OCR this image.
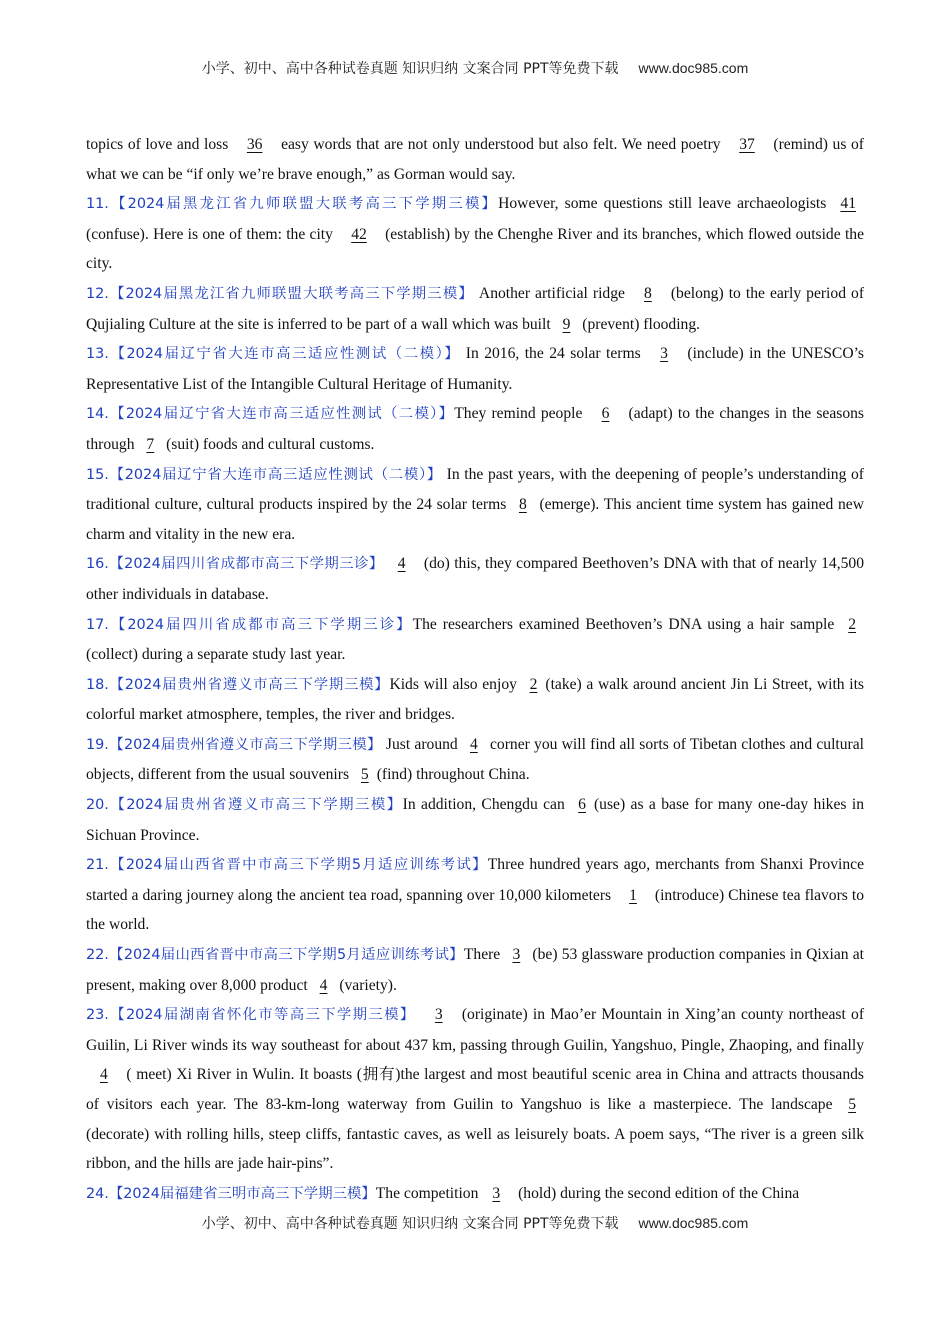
小学、初中、高中各种试卷真题 知识归纳 文案合同 PPT等免费下载 www.doc985.com

topics of love and loss 36 easy words that are not only understood but also felt. We need poetry 37 (remind) us of what we can be “if only we’re brave enough,” as Gorman would say.

11.【2024届黑龙江省九师联盟大联考高三下学期三模】However, some questions still leave archaeologists 41 (confuse). Here is one of them: the city 42 (establish) by the Chenghe River and its branches, which flowed outside the city.

12.【2024届黑龙江省九师联盟大联考高三下学期三模】 Another artificial ridge 8 (belong) to the early period of Qujialing Culture at the site is inferred to be part of a wall which was built 9 (prevent) flooding.

13.【2024届辽宁省大连市高三适应性测试（二模）】 In 2016, the 24 solar terms 3 (include) in the UNESCO’s Representative List of the Intangible Cultural Heritage of Humanity.

14.【2024届辽宁省大连市高三适应性测试（二模）】They remind people 6 (adapt) to the changes in the seasons through 7 (suit) foods and cultural customs.

15.【2024届辽宁省大连市高三适应性测试（二模）】 In the past years, with the deepening of people’s understanding of traditional culture, cultural products inspired by the 24 solar terms 8 (emerge). This ancient time system has gained new charm and vitality in the new era.

16.【2024届四川省成都市高三下学期三诊】 4 (do) this, they compared Beethoven’s DNA with that of nearly 14,500 other individuals in database.

17.【2024届四川省成都市高三下学期三诊】The researchers examined Beethoven’s DNA using a hair sample 2 (collect) during a separate study last year.

18.【2024届贵州省遵义市高三下学期三模】Kids will also enjoy 2 (take) a walk around ancient Jin Li Street, with its colorful market atmosphere, temples, the river and bridges.

19.【2024届贵州省遵义市高三下学期三模】 Just around 4 corner you will find all sorts of Tibetan clothes and cultural objects, different from the usual souvenirs 5 (find) throughout China.

20.【2024届贵州省遵义市高三下学期三模】In addition, Chengdu can 6 (use) as a base for many one-day hikes in Sichuan Province.

21.【2024届山西省晋中市高三下学期5月适应训练考试】Three hundred years ago, merchants from Shanxi Province started a daring journey along the ancient tea road, spanning over 10,000 kilometers 1 (introduce) Chinese tea flavors to the world.

22.【2024届山西省晋中市高三下学期5月适应训练考试】There 3 (be) 53 glassware production companies in Qixian at present, making over 8,000 product 4 (variety).

23.【2024届湖南省怀化市等高三下学期三模】 3 (originate) in Mao’er Mountain in Xing’an county northeast of Guilin, Li River winds its way southeast for about 437 km, passing through Guilin, Yangshuo, Pingle, Zhaoping, and finally 4 ( meet) Xi River in Wulin. It boasts (拥有)the largest and most beautiful scenic area in China and attracts thousands of visitors each year. The 83-km-long waterway from Guilin to Yangshuo is like a masterpiece. The landscape 5 (decorate) with rolling hills, steep cliffs, fantastic caves, as well as leisurely boats. A poem says, “The river is a green silk ribbon, and the hills are jade hair-pins”.

24.【2024届福建省三明市高三下学期三模】The competition 3 (hold) during the second edition of the China

小学、初中、高中各种试卷真题 知识归纳 文案合同 PPT等免费下载 www.doc985.com
